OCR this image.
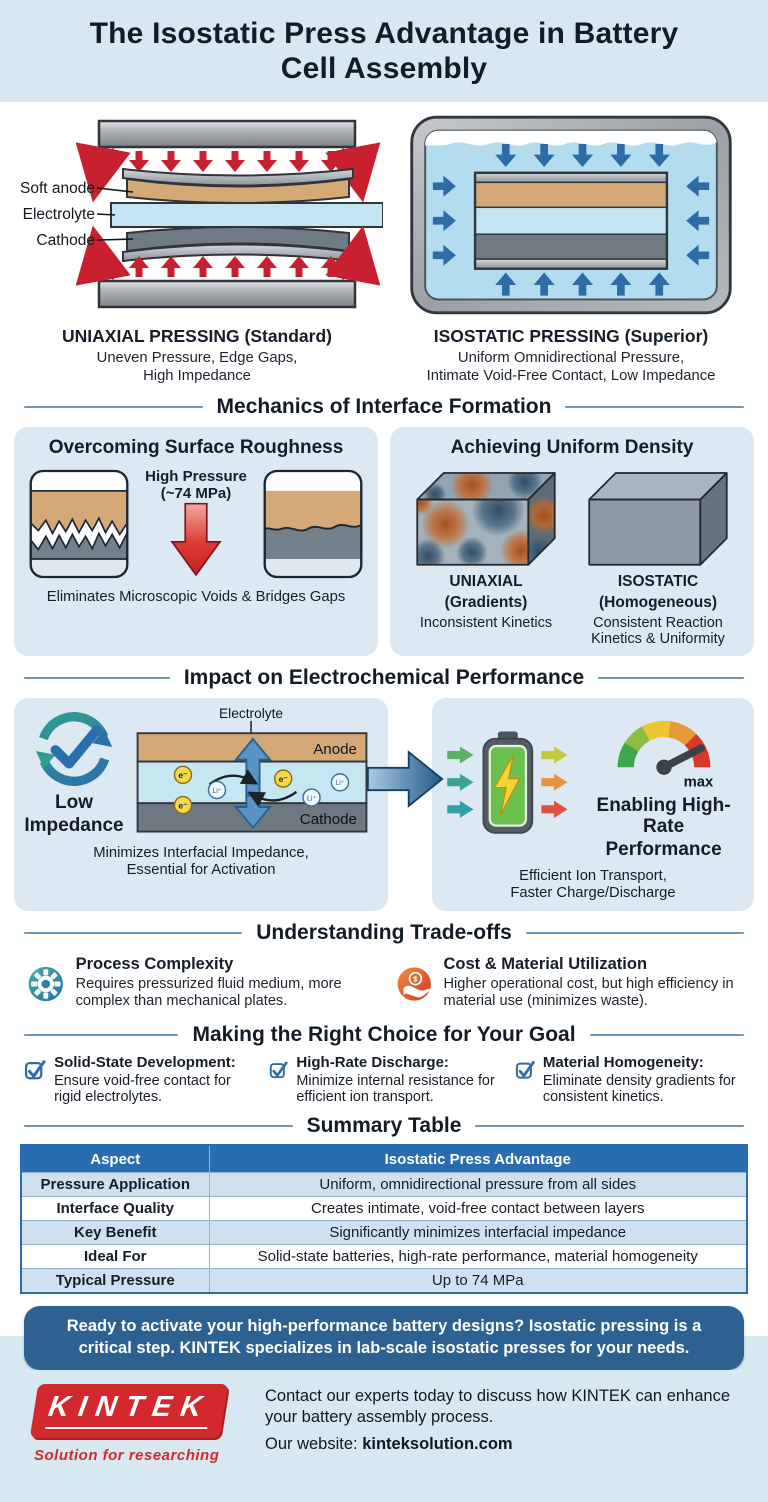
The Isostatic Press Advantage in Battery Cell Assembly
Soft anode
Electrolyte
Cathode
UNIAXIAL PRESSING (Standard)
Uneven Pressure, Edge Gaps,
High Impedance
ISOSTATIC PRESSING (Superior)
Uniform Omnidirectional Pressure,
Intimate Void-Free Contact, Low Impedance
Mechanics of Interface Formation
Overcoming Surface Roughness
High Pressure
(~74 MPa)
Eliminates Microscopic Voids & Bridges Gaps
Achieving Uniform Density
UNIAXIAL
(Gradients)
Inconsistent Kinetics
ISOSTATIC
(Homogeneous)
Consistent Reaction
Kinetics & Uniformity
Impact on Electrochemical Performance
Low
Impedance
Electrolyte
Anode
Cathode
e⁻
e⁻
e⁻
Li⁺
Li⁺
Li⁺
Minimizes Interfacial Impedance,
Essential for Activation
max
Enabling High-Rate
Performance
Efficient Ion Transport,
Faster Charge/Discharge
Understanding Trade-offs
Process Complexity
Requires pressurized fluid medium, more complex than mechanical plates.
$
Cost & Material Utilization
Higher operational cost, but high efficiency in material use (minimizes waste).
Making the Right Choice for Your Goal
Solid-State Development:
Ensure void-free contact for rigid electrolytes.
High-Rate Discharge:
Minimize internal resistance for efficient ion transport.
Material Homogeneity:
Eliminate density gradients for consistent kinetics.
Summary Table
Aspect	Isostatic Press Advantage
Pressure Application	Uniform, omnidirectional pressure from all sides
Interface Quality	Creates intimate, void-free contact between layers
Key Benefit	Significantly minimizes interfacial impedance
Ideal For	Solid-state batteries, high-rate performance, material homogeneity
Typical Pressure	Up to 74 MPa
Ready to activate your high-performance battery designs? Isostatic pressing is a critical step. KINTEK specializes in lab-scale isostatic presses for your needs.
KINTEK
Solution for researching
Contact our experts today to discuss how KINTEK can enhance your battery assembly process.
Our website: kinteksolution.com
